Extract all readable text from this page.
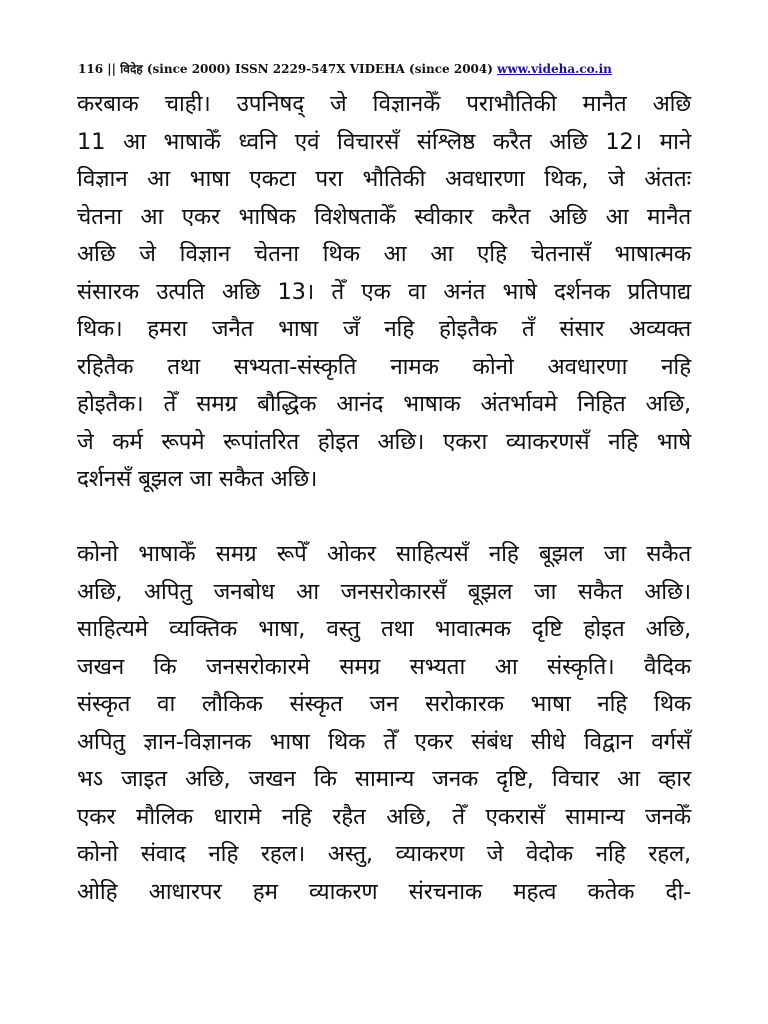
116 || विदेह (since 2000) ISSN 2229-547X VIDEHA (since 2004) www.videha.co.in

करबाक चाही। उपनिषद् जे विज्ञानकेँ पराभौतिकी मानैत अछि
11 आ भाषाकेँ ध्वनि एवं विचारसँ संश्लिष्ठ करैत अछि 12। माने
विज्ञान आ भाषा एकटा परा भौतिकी अवधारणा थिक, जे अंततः
चेतना आ एकर भाषिक विशेषताकेँ स्वीकार करैत अछि आ मानैत
अछि जे विज्ञान चेतना थिक आ आ एहि चेतनासँ भाषात्मक
संसारक उत्पति अछि 13। तेँ एक वा अनंत भाषे दर्शनक प्रतिपाद्य
थिक। हमरा जनैत भाषा जँ नहि होइतैक तँ संसार अव्यक्त
रहितैक तथा सभ्यता-संस्कृति नामक कोनो अवधारणा नहि
होइतैक। तेँ समग्र बौद्धिक आनंद भाषाक अंतर्भावमे निहित अछि,
जे कर्म रूपमे रूपांतरित होइत अछि। एकरा व्याकरणसँ नहि भाषे
दर्शनसँ बूझल जा सकैत अछि।

कोनो भाषाकेँ समग्र रूपेँ ओकर साहित्यसँ नहि बूझल जा सकैत
अछि, अपितु जनबोध आ जनसरोकारसँ बूझल जा सकैत अछि।
साहित्यमे व्यक्तिक भाषा, वस्तु तथा भावात्मक दृष्टि होइत अछि,
जखन कि जनसरोकारमे समग्र सभ्यता आ संस्कृति। वैदिक
संस्कृत वा लौकिक संस्कृत जन सरोकारक भाषा नहि थिक
अपितु ज्ञान-विज्ञानक भाषा थिक तेँ एकर संबंध सीधे विद्वान वर्गसँ
भऽ जाइत अछि, जखन कि सामान्य जनक दृष्टि, विचार आ व्हार
एकर मौलिक धारामे नहि रहैत अछि, तेँ एकरासँ सामान्य जनकेँ
कोनो संवाद नहि रहल। अस्तु, व्याकरण जे वेदोक नहि रहल,
ओहि आधारपर हम व्याकरण संरचनाक महत्व कतेक दी-
